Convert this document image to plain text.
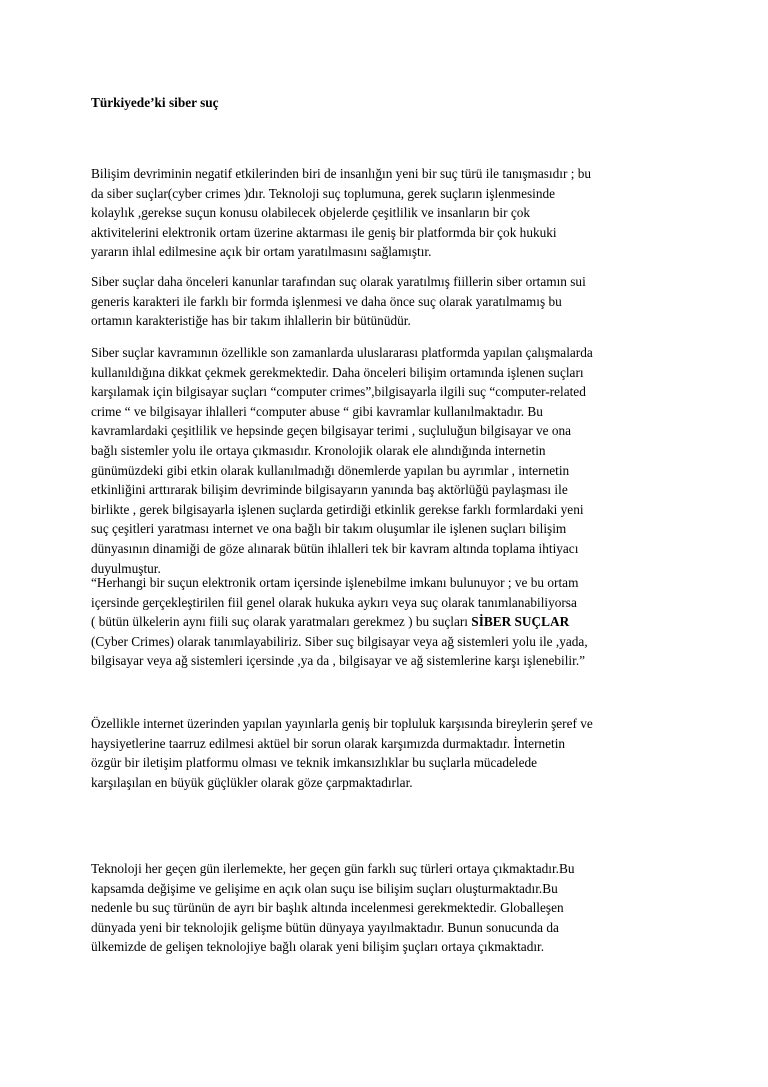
Türkiyede’ki siber suç
Bilişim devriminin negatif etkilerinden biri de insanlığın yeni bir suç türü ile tanışmasıdır ; bu
da siber suçlar(cyber crimes )dır. Teknoloji suç toplumuna, gerek suçların işlenmesinde
kolaylık ,gerekse suçun konusu olabilecek objelerde çeşitlilik ve insanların bir çok
aktivitelerini elektronik ortam üzerine aktarması ile geniş bir platformda bir çok hukuki
yararın ihlal edilmesine açık bir ortam yaratılmasını sağlamıştır.
Siber suçlar daha önceleri kanunlar tarafından suç olarak yaratılmış fiillerin siber ortamın sui
generis karakteri ile farklı bir formda işlenmesi ve daha önce suç olarak yaratılmamış bu
ortamın karakteristiğe has bir takım ihlallerin bir bütünüdür.
Siber suçlar kavramının özellikle son zamanlarda uluslararası platformda yapılan çalışmalarda
kullanıldığına dikkat çekmek gerekmektedir. Daha önceleri bilişim ortamında işlenen suçları
karşılamak için bilgisayar suçları “computer crimes”,bilgisayarla ilgili suç “computer-related
crime “ ve bilgisayar ihlalleri “computer abuse “ gibi kavramlar kullanılmaktadır. Bu
kavramlardaki çeşitlilik ve hepsinde geçen bilgisayar terimi , suçluluğun bilgisayar ve ona
bağlı sistemler yolu ile ortaya çıkmasıdır. Kronolojik olarak ele alındığında internetin
günümüzdeki gibi etkin olarak kullanılmadığı dönemlerde yapılan bu ayrımlar , internetin
etkinliğini arttırarak bilişim devriminde bilgisayarın yanında baş aktörlüğü paylaşması ile
birlikte , gerek bilgisayarla işlenen suçlarda getirdiği etkinlik gerekse farklı formlardaki yeni
suç çeşitleri yaratması internet ve ona bağlı bir takım oluşumlar ile işlenen suçları bilişim
dünyasının dinamiği de göze alınarak bütün ihlalleri tek bir kavram altında toplama ihtiyacı
duyulmuştur.
“Herhangi bir suçun elektronik ortam içersinde işlenebilme imkanı bulunuyor ; ve bu ortam
içersinde gerçekleştirilen fiil genel olarak hukuka aykırı veya suç olarak tanımlanabiliyorsa
( bütün ülkelerin aynı fiili suç olarak yaratmaları gerekmez ) bu suçları SİBER SUÇLAR
(Cyber Crimes) olarak tanımlayabiliriz. Siber suç bilgisayar veya ağ sistemleri yolu ile ,yada,
bilgisayar veya ağ sistemleri içersinde ,ya da , bilgisayar ve ağ sistemlerine karşı işlenebilir.”
Özellikle internet üzerinden yapılan yayınlarla geniş bir topluluk karşısında bireylerin şeref ve
haysiyetlerine taarruz edilmesi aktüel bir sorun olarak karşımızda durmaktadır. İnternetin
özgür bir iletişim platformu olması ve teknik imkansızlıklar bu suçlarla mücadelede
karşılaşılan en büyük güçlükler olarak göze çarpmaktadırlar.
Teknoloji her geçen gün ilerlemekte, her geçen gün farklı suç türleri ortaya çıkmaktadır.Bu
kapsamda değişime ve gelişime en açık olan suçu ise bilişim suçları oluşturmaktadır.Bu
nedenle bu suç türünün de ayrı bir başlık altında incelenmesi gerekmektedir. Globalleşen
dünyada yeni bir teknolojik gelişme bütün dünyaya yayılmaktadır. Bunun sonucunda da
ülkemizde de gelişen teknolojiye bağlı olarak yeni bilişim şuçları ortaya çıkmaktadır.
